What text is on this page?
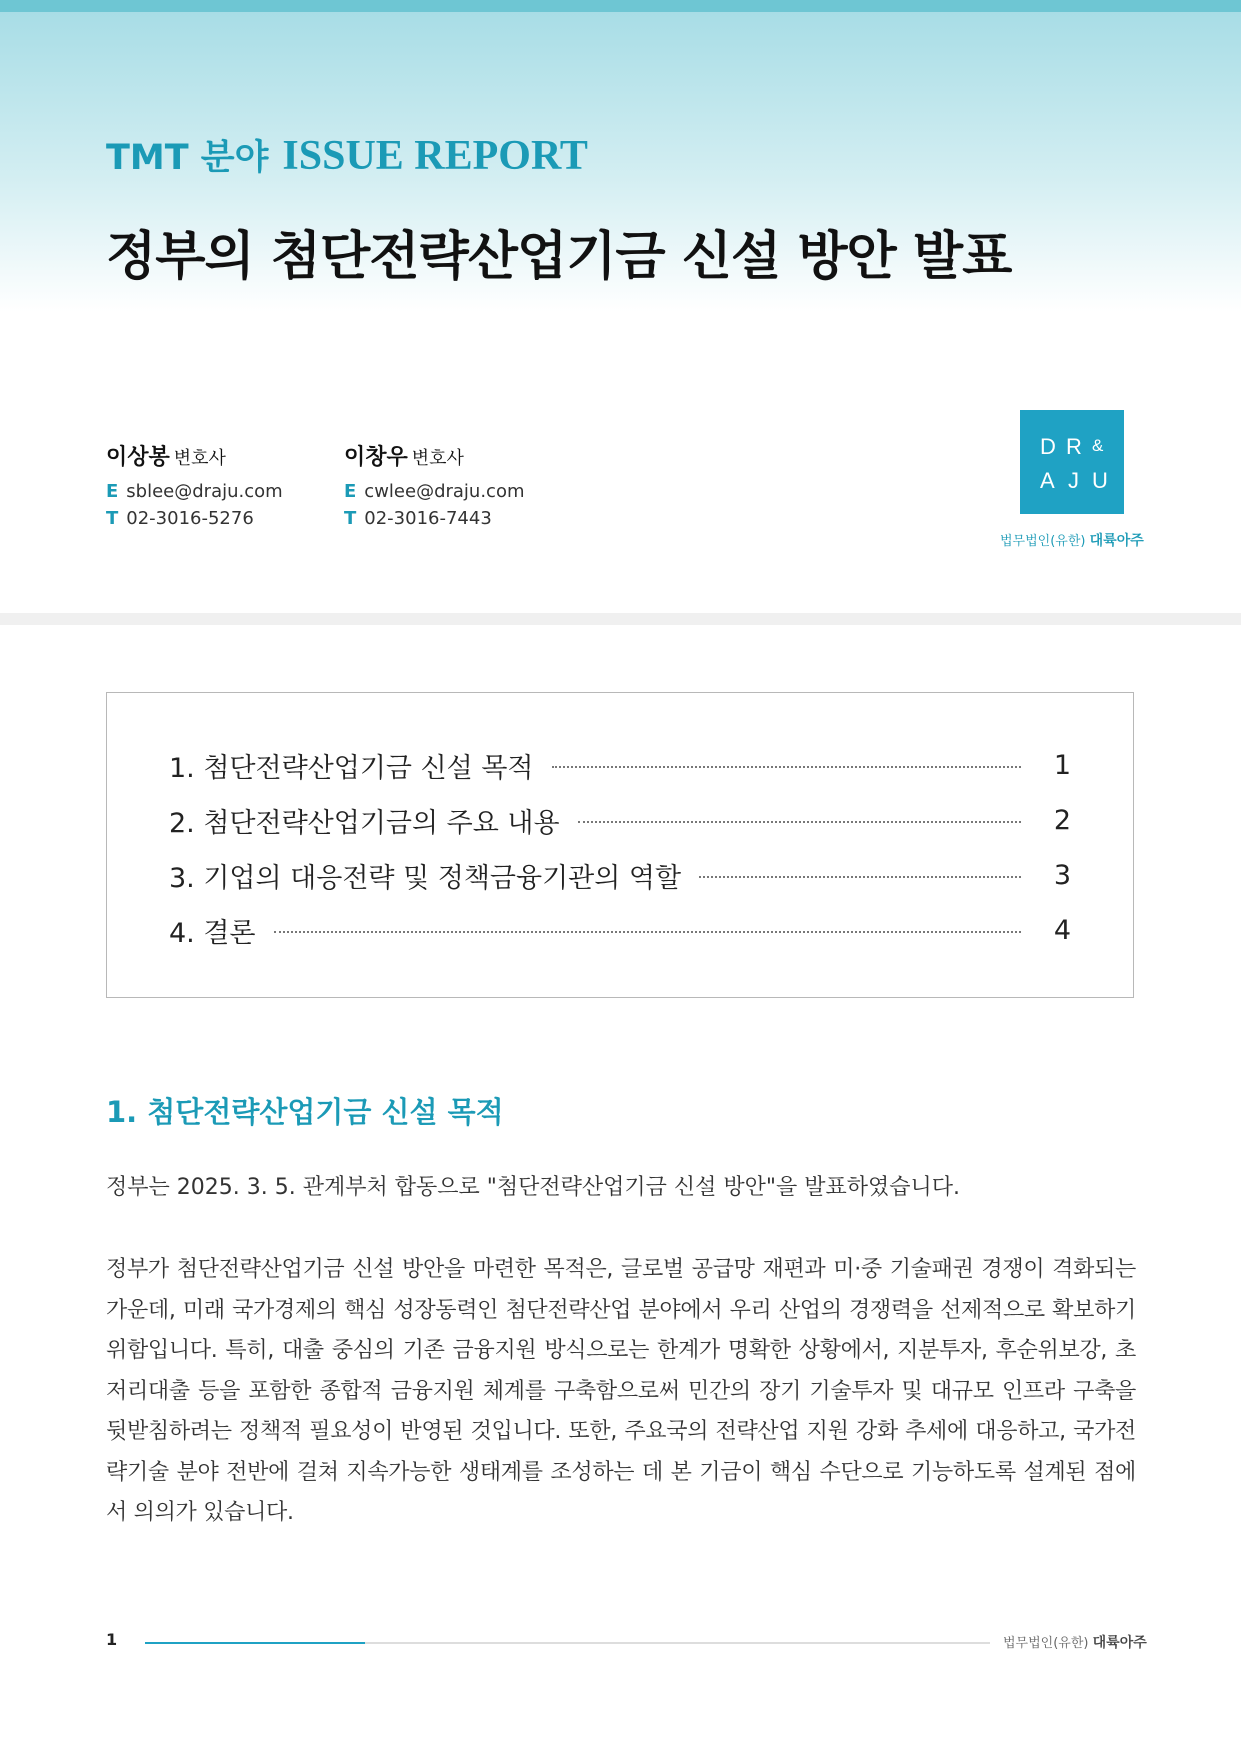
TMT 분야 ISSUE REPORT
정부의 첨단전략산업기금 신설 방안 발표
이상봉 변호사
E sblee@draju.com
T 02-3016-5276
이창우 변호사
E cwlee@draju.com
T 02-3016-7443
D R &
A J U
법무법인(유한) 대륙아주
1. 첨단전략산업기금 신설 목적	1
2. 첨단전략산업기금의 주요 내용	2
3. 기업의 대응전략 및 정책금융기관의 역할	3
4. 결론	4
1. 첨단전략산업기금 신설 목적
정부는 2025. 3. 5. 관계부처 합동으로 "첨단전략산업기금 신설 방안"을 발표하였습니다.
정부가 첨단전략산업기금 신설 방안을 마련한 목적은, 글로벌 공급망 재편과 미·중 기술패권 경쟁이 격화되는 가운데, 미래 국가경제의 핵심 성장동력인 첨단전략산업 분야에서 우리 산업의 경쟁력을 선제적으로 확보하기 위함입니다. 특히, 대출 중심의 기존 금융지원 방식으로는 한계가 명확한 상황에서, 지분투자, 후순위보강, 초저리대출 등을 포함한 종합적 금융지원 체계를 구축함으로써 민간의 장기 기술투자 및 대규모 인프라 구축을 뒷받침하려는 정책적 필요성이 반영된 것입니다. 또한, 주요국의 전략산업 지원 강화 추세에 대응하고, 국가전략기술 분야 전반에 걸쳐 지속가능한 생태계를 조성하는 데 본 기금이 핵심 수단으로 기능하도록 설계된 점에서 의의가 있습니다.
1	법무법인(유한) 대륙아주
